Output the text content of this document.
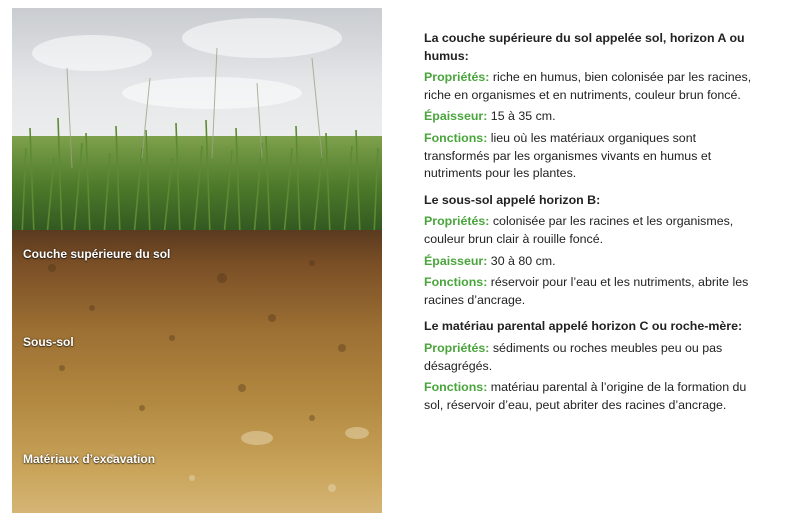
Couche supérieure du sol
Sous-sol
Matériaux d’excavation
La couche supérieure du sol appelée sol, horizon A ou humus:
Propriétés: riche en humus, bien colonisée par les racines, riche en organismes et en nutriments, couleur brun foncé.
Épaisseur: 15 à 35 cm.
Fonctions: lieu où les matériaux organiques sont transformés par les organismes vivants en humus et nutriments pour les plantes.
Le sous-sol appelé horizon B:
Propriétés: colonisée par les racines et les organismes, couleur brun clair à rouille foncé.
Épaisseur: 30 à 80 cm.
Fonctions: réservoir pour l’eau et les nutriments, abrite les racines d’ancrage.
Le matériau parental appelé horizon C ou roche-mère:
Propriétés: sédiments ou roches meubles peu ou pas désagrégés.
Fonctions: matériau parental à l’origine de la formation du sol, réservoir d’eau, peut abriter des racines d’ancrage.
